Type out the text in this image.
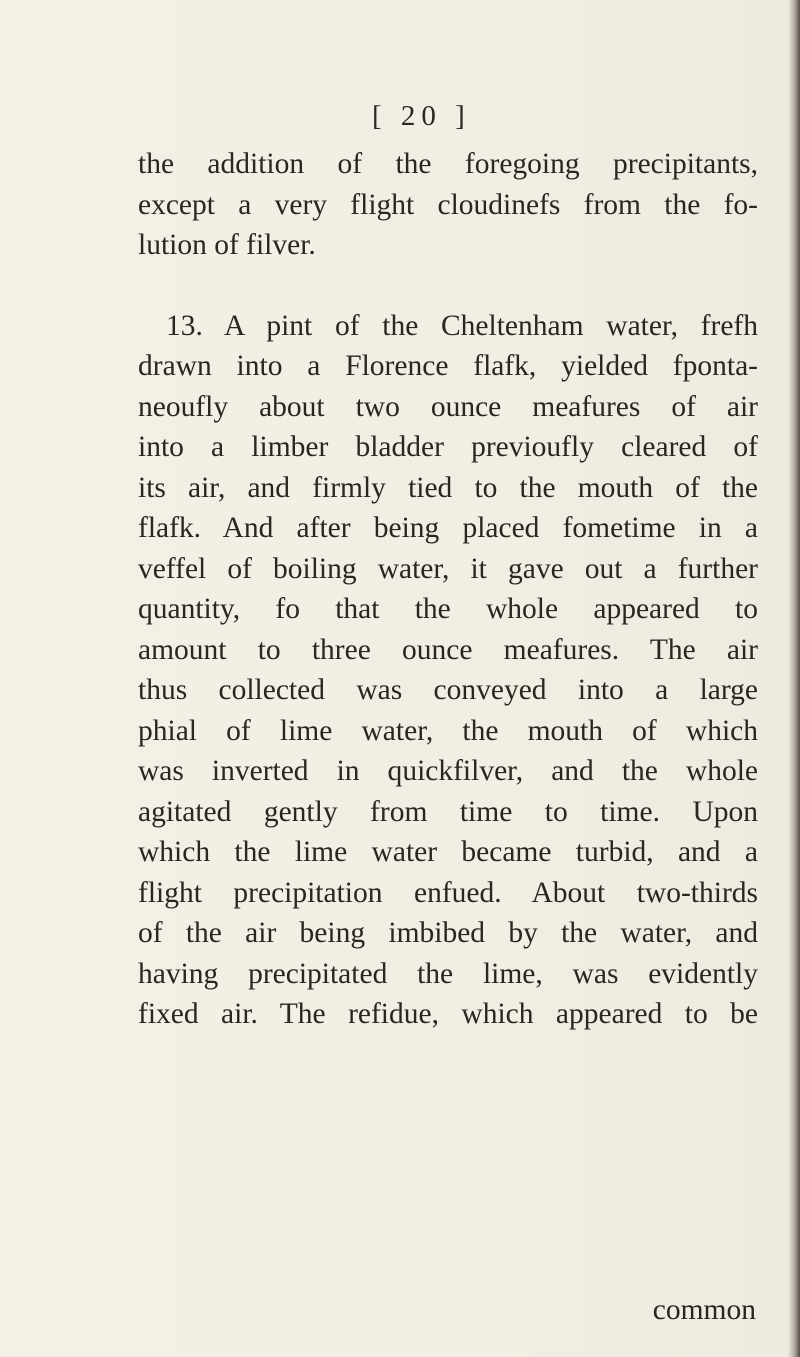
[ 20 ]
the addition of the foregoing precipitants,
except a very flight cloudinefs from the fo-
lution of filver.
13. A pint of the Cheltenham water, frefh
drawn into a Florence flafk, yielded fponta-
neoufly about two ounce meafures of air
into a limber bladder previoufly cleared of
its air, and firmly tied to the mouth of the
flafk. And after being placed fometime in a
veffel of boiling water, it gave out a further
quantity, fo that the whole appeared to
amount to three ounce meafures. The air
thus collected was conveyed into a large
phial of lime water, the mouth of which
was inverted in quickfilver, and the whole
agitated gently from time to time. Upon
which the lime water became turbid, and a
flight precipitation enfued. About two-thirds
of the air being imbibed by the water, and
having precipitated the lime, was evidently
fixed air. The refidue, which appeared to be
common
